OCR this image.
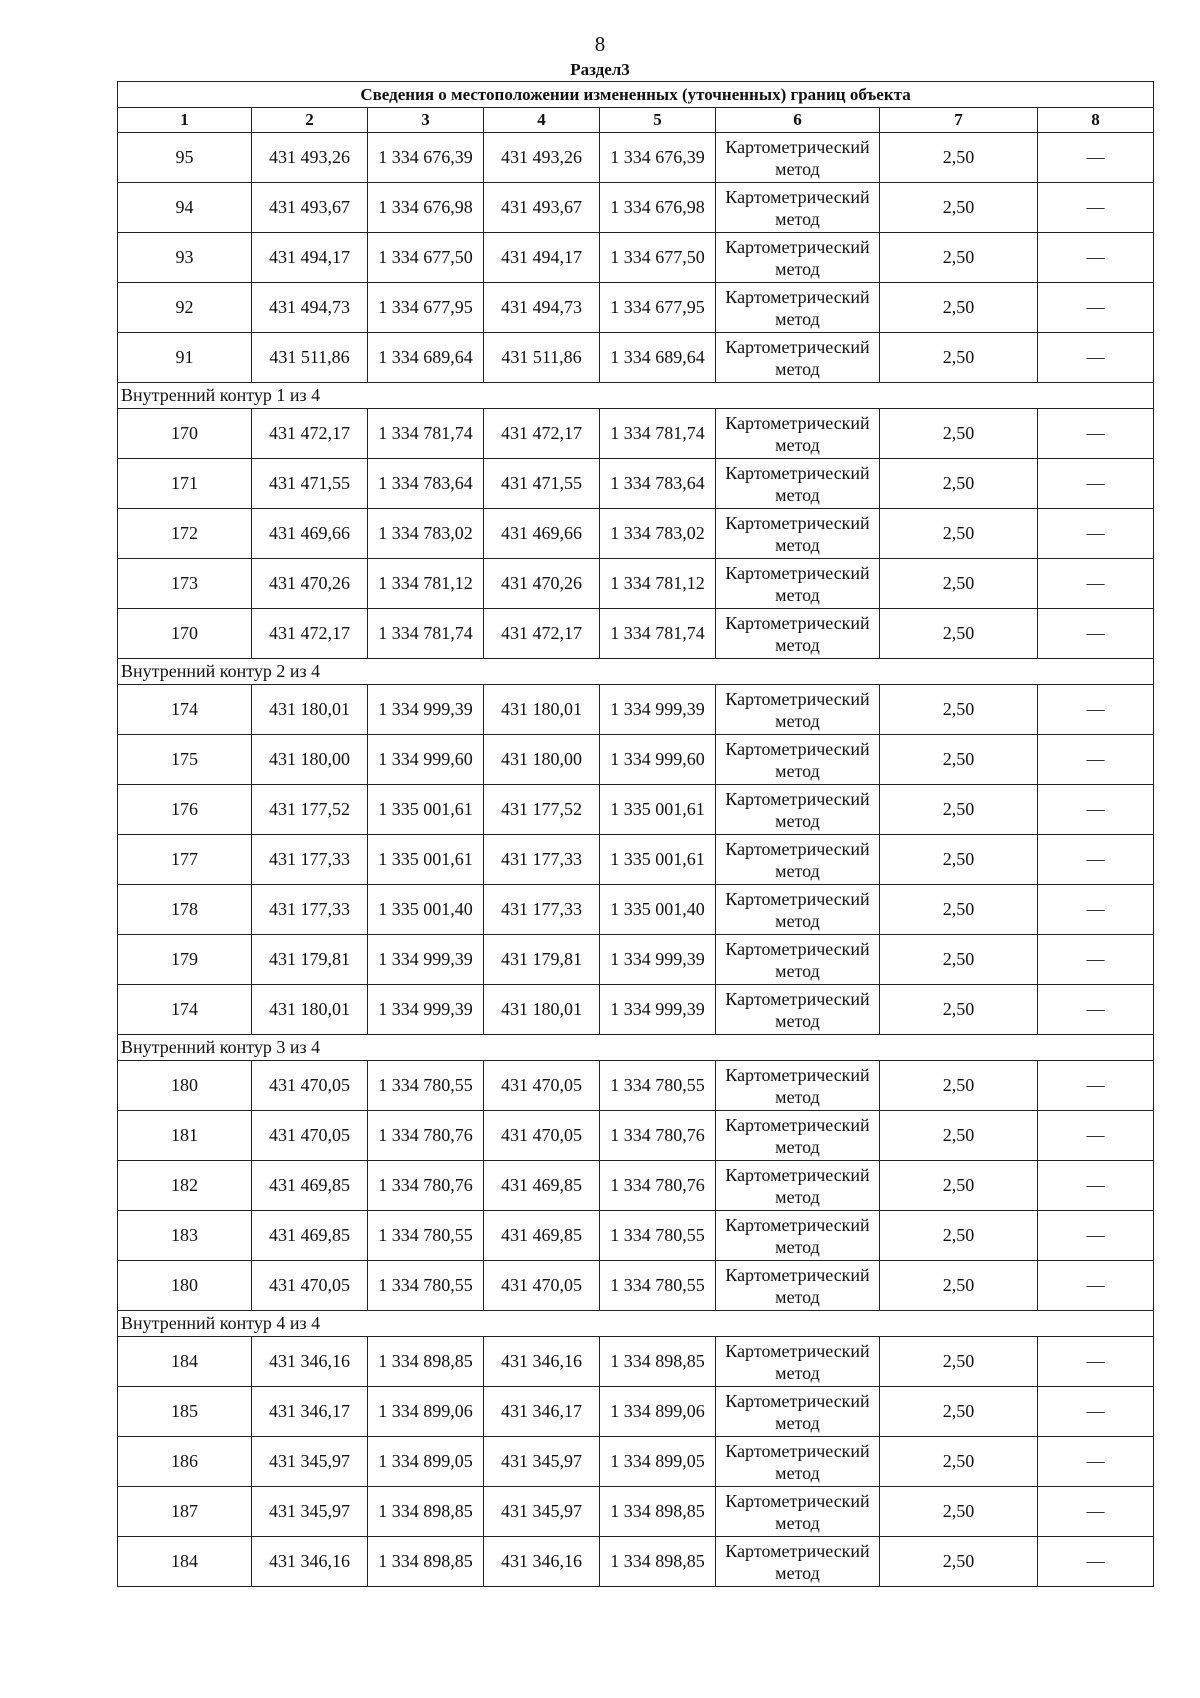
8
Раздел3
Сведения о местоположении измененных (уточненных) границ объекта							
1	2	3	4	5	6	7	8
95	431 493,26	1 334 676,39	431 493,26	1 334 676,39	Картометрический метод	2,50	—
94	431 493,67	1 334 676,98	431 493,67	1 334 676,98	Картометрический метод	2,50	—
93	431 494,17	1 334 677,50	431 494,17	1 334 677,50	Картометрический метод	2,50	—
92	431 494,73	1 334 677,95	431 494,73	1 334 677,95	Картометрический метод	2,50	—
91	431 511,86	1 334 689,64	431 511,86	1 334 689,64	Картометрический метод	2,50	—
Внутренний контур 1 из 4							
170	431 472,17	1 334 781,74	431 472,17	1 334 781,74	Картометрический метод	2,50	—
171	431 471,55	1 334 783,64	431 471,55	1 334 783,64	Картометрический метод	2,50	—
172	431 469,66	1 334 783,02	431 469,66	1 334 783,02	Картометрический метод	2,50	—
173	431 470,26	1 334 781,12	431 470,26	1 334 781,12	Картометрический метод	2,50	—
170	431 472,17	1 334 781,74	431 472,17	1 334 781,74	Картометрический метод	2,50	—
Внутренний контур 2 из 4							
174	431 180,01	1 334 999,39	431 180,01	1 334 999,39	Картометрический метод	2,50	—
175	431 180,00	1 334 999,60	431 180,00	1 334 999,60	Картометрический метод	2,50	—
176	431 177,52	1 335 001,61	431 177,52	1 335 001,61	Картометрический метод	2,50	—
177	431 177,33	1 335 001,61	431 177,33	1 335 001,61	Картометрический метод	2,50	—
178	431 177,33	1 335 001,40	431 177,33	1 335 001,40	Картометрический метод	2,50	—
179	431 179,81	1 334 999,39	431 179,81	1 334 999,39	Картометрический метод	2,50	—
174	431 180,01	1 334 999,39	431 180,01	1 334 999,39	Картометрический метод	2,50	—
Внутренний контур 3 из 4							
180	431 470,05	1 334 780,55	431 470,05	1 334 780,55	Картометрический метод	2,50	—
181	431 470,05	1 334 780,76	431 470,05	1 334 780,76	Картометрический метод	2,50	—
182	431 469,85	1 334 780,76	431 469,85	1 334 780,76	Картометрический метод	2,50	—
183	431 469,85	1 334 780,55	431 469,85	1 334 780,55	Картометрический метод	2,50	—
180	431 470,05	1 334 780,55	431 470,05	1 334 780,55	Картометрический метод	2,50	—
Внутренний контур 4 из 4							
184	431 346,16	1 334 898,85	431 346,16	1 334 898,85	Картометрический метод	2,50	—
185	431 346,17	1 334 899,06	431 346,17	1 334 899,06	Картометрический метод	2,50	—
186	431 345,97	1 334 899,05	431 345,97	1 334 899,05	Картометрический метод	2,50	—
187	431 345,97	1 334 898,85	431 345,97	1 334 898,85	Картометрический метод	2,50	—
184	431 346,16	1 334 898,85	431 346,16	1 334 898,85	Картометрический метод	2,50	—
